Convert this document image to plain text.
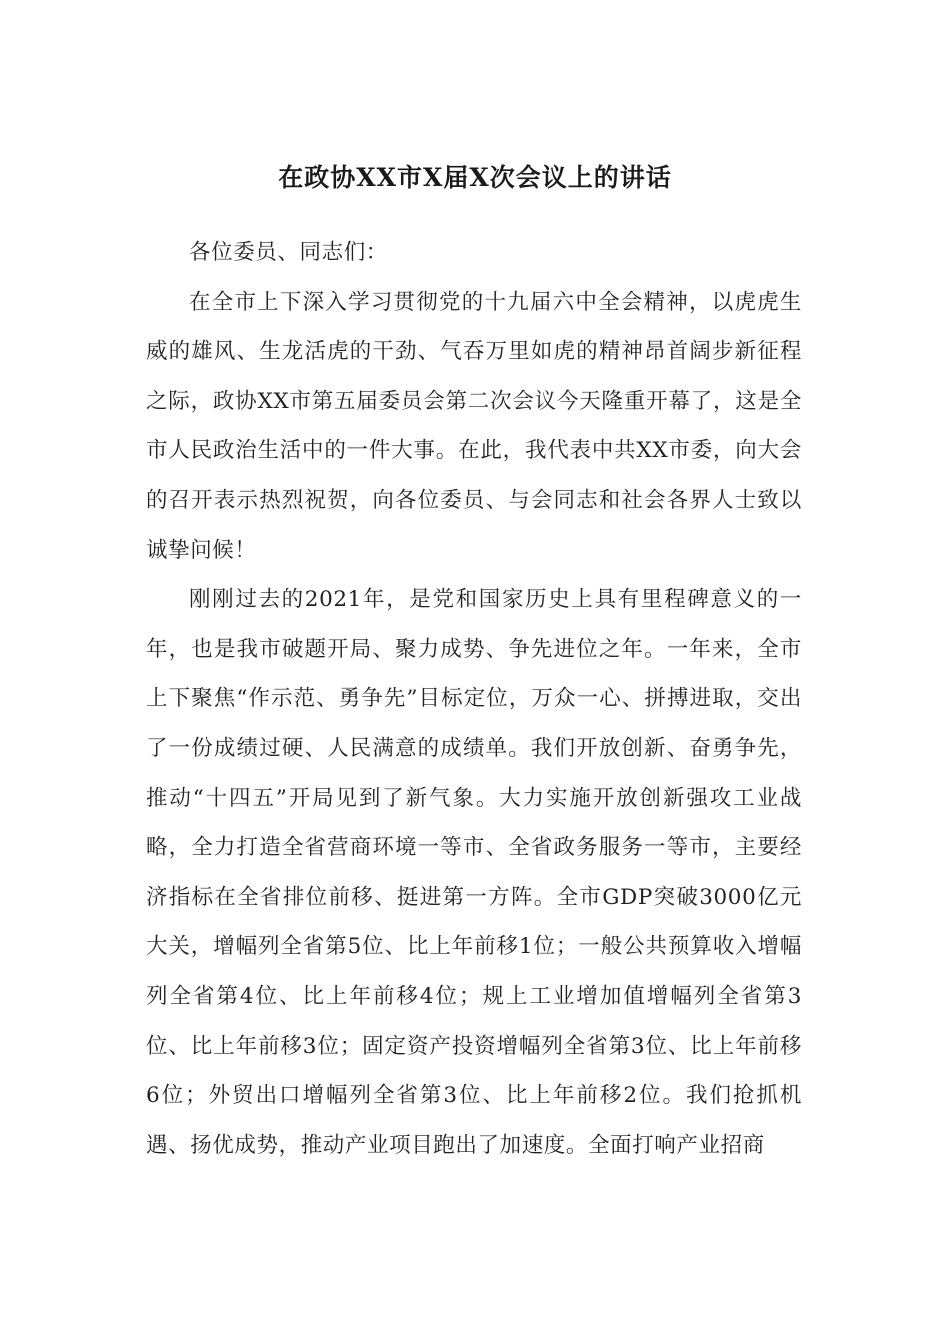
在政协XX市X届X次会议上的讲话

各位委员、同志们：

在全市上下深入学习贯彻党的十九届六中全会精神，以虎虎生威的雄风、生龙活虎的干劲、气吞万里如虎的精神昂首阔步新征程之际，政协XX市第五届委员会第二次会议今天隆重开幕了，这是全市人民政治生活中的一件大事。在此，我代表中共XX市委，向大会的召开表示热烈祝贺，向各位委员、与会同志和社会各界人士致以诚挚问候！

刚刚过去的2021年，是党和国家历史上具有里程碑意义的一年，也是我市破题开局、聚力成势、争先进位之年。一年来，全市上下聚焦“作示范、勇争先”目标定位，万众一心、拼搏进取，交出了一份成绩过硬、人民满意的成绩单。我们开放创新、奋勇争先，推动“十四五”开局见到了新气象。大力实施开放创新强攻工业战略，全力打造全省营商环境一等市、全省政务服务一等市，主要经济指标在全省排位前移、挺进第一方阵。全市GDP突破3000亿元大关，增幅列全省第5位、比上年前移1位；一般公共预算收入增幅列全省第4位、比上年前移4位；规上工业增加值增幅列全省第3位、比上年前移3位；固定资产投资增幅列全省第3位、比上年前移6位；外贸出口增幅列全省第3位、比上年前移2位。我们抢抓机遇、扬优成势，推动产业项目跑出了加速度。全面打响产业招商
